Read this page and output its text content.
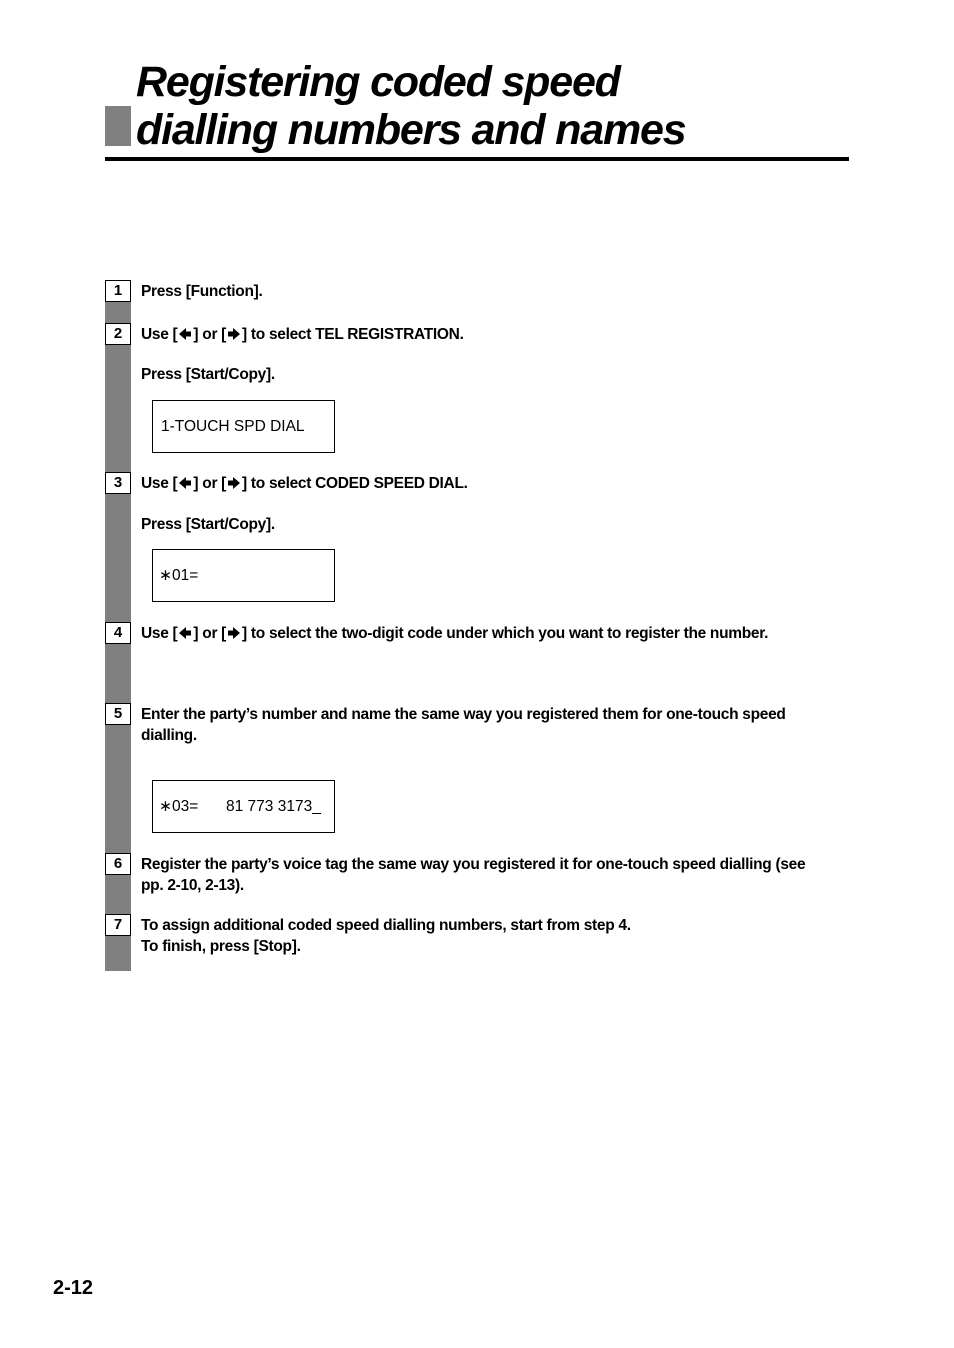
Registering coded speed
dialling numbers and names
1	Press [Function].
2	Use [ ] or [ ] to select TEL REGISTRATION.
Press [Start/Copy].
1-TOUCH SPD DIAL
3	Use [ ] or [ ] to select CODED SPEED DIAL.
Press [Start/Copy].
∗01=
4	Use [ ] or [ ] to select the two-digit code under which you want to register the number.
5	Enter the party’s number and name the same way you registered them for one-touch speed dialling.
∗03= 81 773 3173_
6	Register the party’s voice tag the same way you registered it for one-touch speed dialling (see pp. 2-10, 2-13).
7	To assign additional coded speed dialling numbers, start from step 4.
To finish, press [Stop].
2-12
